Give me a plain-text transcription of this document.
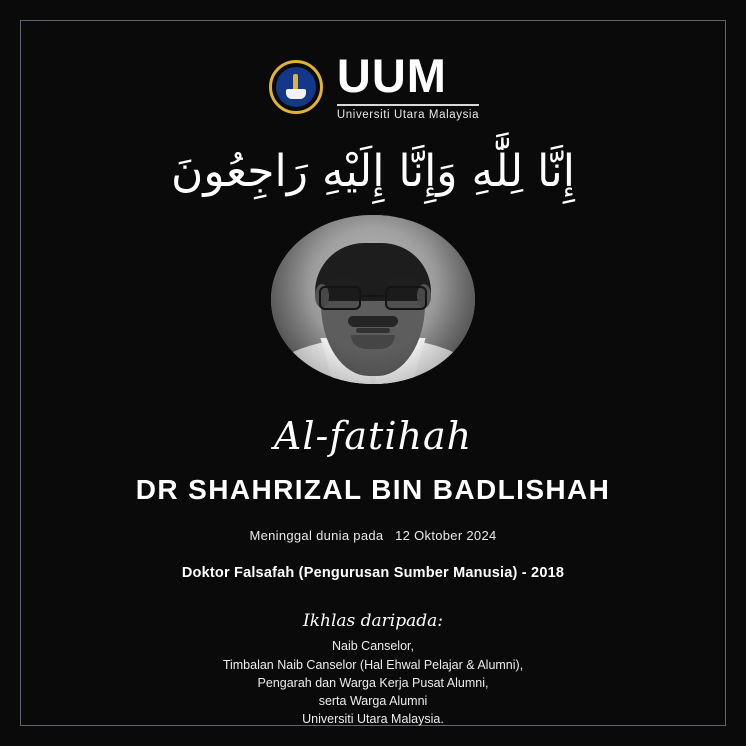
UUM
Universiti Utara Malaysia
إِنَّا لِلَّٰهِ وَإِنَّا إِلَيْهِ رَاجِعُونَ
Al-fatihah
DR SHAHRIZAL BIN BADLISHAH
Meninggal dunia pada 12 Oktober 2024
Doktor Falsafah (Pengurusan Sumber Manusia) - 2018
Ikhlas daripada:
Naib Canselor,
Timbalan Naib Canselor (Hal Ehwal Pelajar & Alumni),
Pengarah dan Warga Kerja Pusat Alumni,
serta Warga Alumni
Universiti Utara Malaysia.
